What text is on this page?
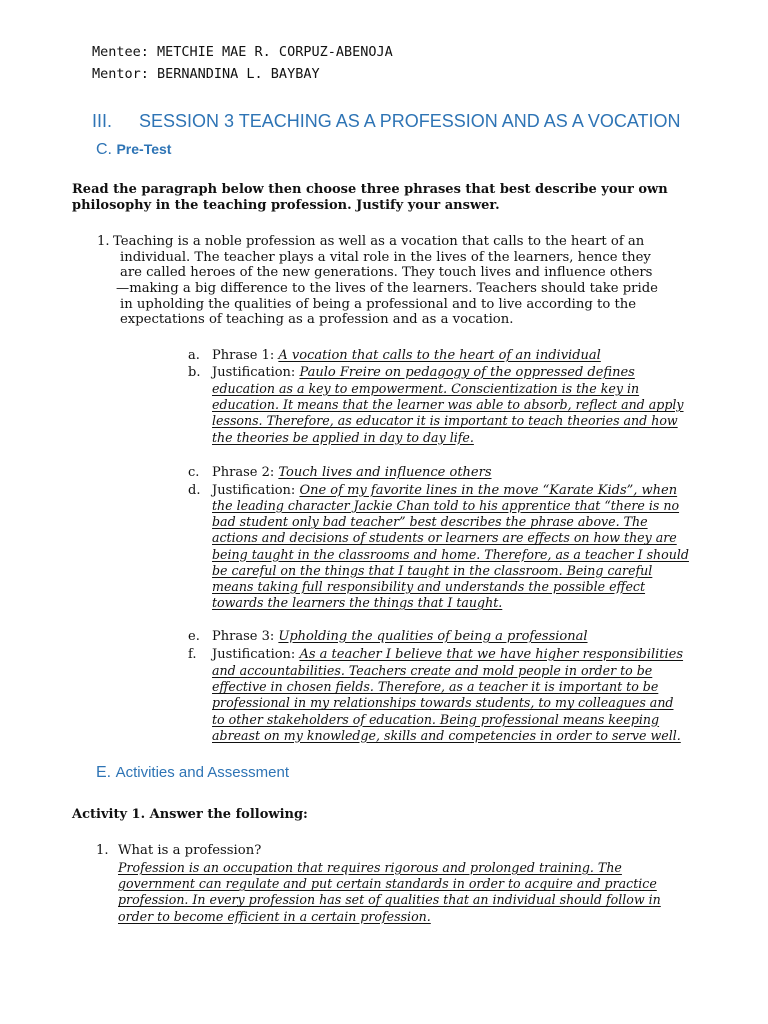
Mentee: METCHIE MAE R. CORPUZ-ABENOJA
Mentor: BERNANDINA L. BAYBAY
III. SESSION 3 TEACHING AS A PROFESSION AND AS A VOCATION
C. Pre-Test
Read the paragraph below then choose three phrases that best describe your own
philosophy in the teaching profession. Justify your answer.
1. Teaching is a noble profession as well as a vocation that calls to the heart of an
individual. The teacher plays a vital role in the lives of the learners, hence they
are called heroes of the new generations. They touch lives and influence others
—making a big difference to the lives of the learners. Teachers should take pride
in upholding the qualities of being a professional and to live according to the
expectations of teaching as a profession and as a vocation.
a. Phrase 1: A vocation that calls to the heart of an individual
b. Justification: Paulo Freire on pedagogy of the oppressed defines
education as a key to empowerment. Conscientization is the key in
education. It means that the learner was able to absorb, reflect and apply
lessons. Therefore, as educator it is important to teach theories and how
the theories be applied in day to day life.
c. Phrase 2: Touch lives and influence others
d. Justification: One of my favorite lines in the move “Karate Kids”, when
the leading character Jackie Chan told to his apprentice that “there is no
bad student only bad teacher” best describes the phrase above. The
actions and decisions of students or learners are effects on how they are
being taught in the classrooms and home. Therefore, as a teacher I should
be careful on the things that I taught in the classroom. Being careful
means taking full responsibility and understands the possible effect
towards the learners the things that I taught.
e. Phrase 3: Upholding the qualities of being a professional
f. Justification: As a teacher I believe that we have higher responsibilities
and accountabilities. Teachers create and mold people in order to be
effective in chosen fields. Therefore, as a teacher it is important to be
professional in my relationships towards students, to my colleagues and
to other stakeholders of education. Being professional means keeping
abreast on my knowledge, skills and competencies in order to serve well.
E. Activities and Assessment
Activity 1. Answer the following:
1. What is a profession?
Profession is an occupation that requires rigorous and prolonged training. The
government can regulate and put certain standards in order to acquire and practice
profession. In every profession has set of qualities that an individual should follow in
order to become efficient in a certain profession.
